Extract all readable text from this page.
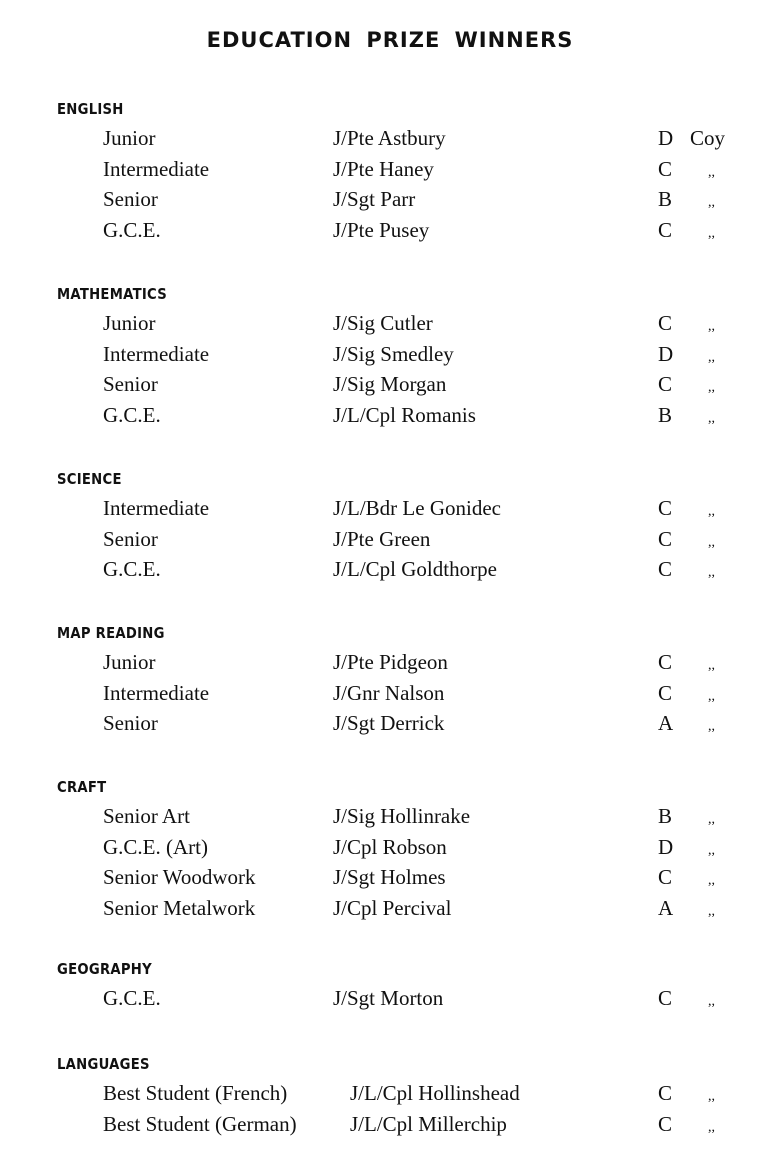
EDUCATION PRIZE WINNERS
ENGLISH
Junior	J/Pte Astbury	D Coy
Intermediate	J/Pte Haney	C	,,
Senior	J/Sgt Parr	B	,,
G.C.E.	J/Pte Pusey	C	,,
MATHEMATICS
Junior	J/Sig Cutler	C	,,
Intermediate	J/Sig Smedley	D ,,
Senior	J/Sig Morgan	C	,,
G.C.E.	J/L/Cpl Romanis	B	,,
SCIENCE
Intermediate	J/L/Bdr Le Gonidec	C	,,
Senior	J/Pte Green	C	,,
G.C.E.	J/L/Cpl Goldthorpe	C	,,
MAP READING
Junior	J/Pte Pidgeon	C	,,
Intermediate	J/Gnr Nalson	C	,,
Senior	J/Sgt Derrick	A ,,
CRAFT
Senior Art	J/Sig Hollinrake	B	,,
G.C.E. (Art)	J/Cpl Robson	D ,,
Senior Woodwork	J/Sgt Holmes	C	,,
Senior Metalwork	J/Cpl Percival	A ,,
GEOGRAPHY
G.C.E.	J/Sgt Morton	C	,,
LANGUAGES
Best Student (French)	J/L/Cpl Hollinshead	C	,,
Best Student (German)	J/L/Cpl Millerchip	C	,,
